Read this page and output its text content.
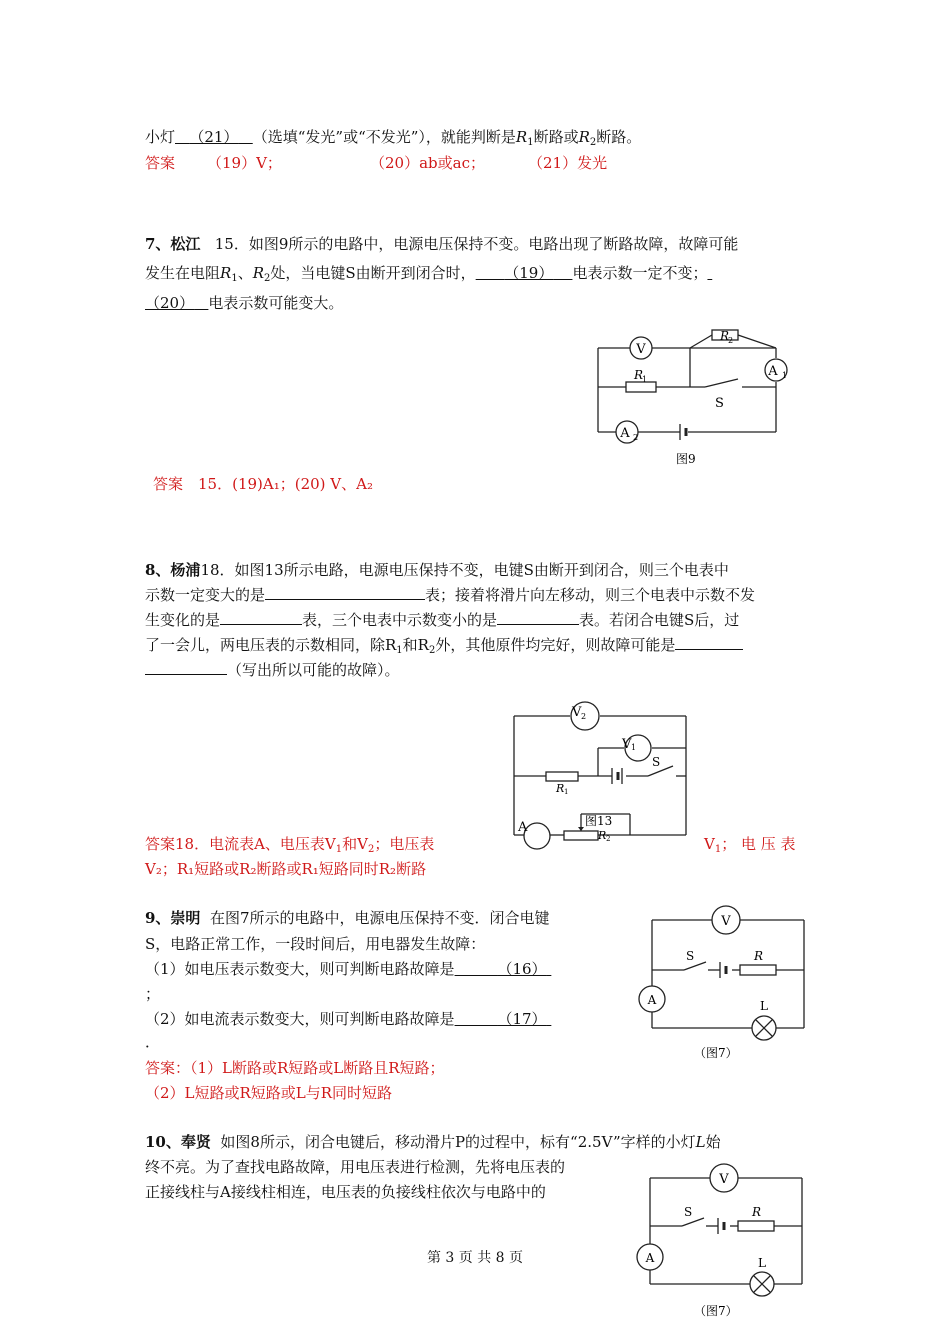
小灯 （21） （选填“发光”或“不发光”），就能判断是$R_1$断路或$R_2$断路。
答案 （19）V；	（20）ab或ac；	（21）发光
7、松江 15．如图9所示的电路中，电源电压保持不变。电路出现了断路故障，故障可能
发生在电阻$R_1$、$R_2$处，当电键S由断开到闭合时， （19） 电表示数一定不变；
（20） 电表示数可能变大。
V
A 1
A 2
R
2
R
1
S
图9
答案　15．(19)A₁；(20) V、A₂
8、杨浦18．如图13所示电路，电源电压保持不变，电键S由断开到闭合，则三个电表中
示数一定变大的是	表；接着将滑片向左移动，则三个电表中示数不发
生变化的是	表，三个电表中示数变小的是	表。若闭合电键S后，过
了一会儿，两电压表的示数相同，除$R_1$和$R_2$外，其他原件均完好，则故障可能是
（写出所以可能的故障）。
V 2
V 1
S
R 1
A	图13
R 2
答案18．电流表A、电压表$V_1$和$V_2$；电压表	$V_1$； 电 压 表
V₂；R₁短路或R₂断路或R₁短路同时R₂断路
9、崇明 在图7所示的电路中，电源电压保持不变．闭合电键
S，电路正常工作，一段时间后，用电器发生故障：
（1）如电压表示数变大，则可判断电路故障是	（16）
；
（2）如电流表示数变大，则可判断电路故障是	（17）
．
答案：（1）L断路或R短路或L断路且R短路；
（2）L短路或R短路或L与R同时短路
V
S	R
A	L
（图7）
10、奉贤 如图8所示，闭合电键后，移动滑片P的过程中，标有“2.5V”字样的小灯L始
终不亮。为了查找电路故障，用电压表进行检测，先将电压表的
正接线柱与A接线柱相连，电压表的负接线柱依次与电路中的
V
S	R
A	L
（图7）
第 3 页 共 8 页
